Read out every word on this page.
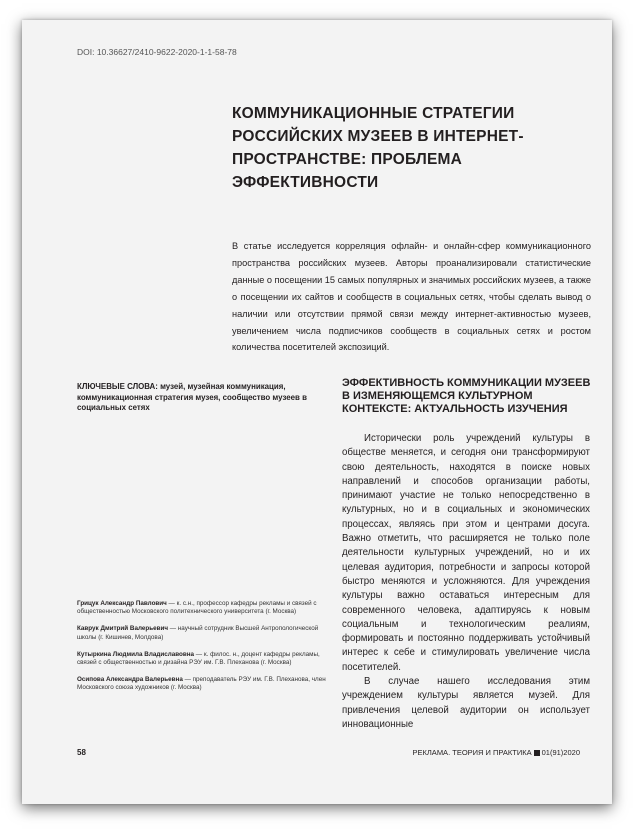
DOI: 10.36627/2410-9622-2020-1-1-58-78
КОММУНИКАЦИОННЫЕ СТРАТЕГИИ РОССИЙСКИХ МУЗЕЕВ В ИНТЕРНЕТ-ПРОСТРАНСТВЕ: ПРОБЛЕМА ЭФФЕКТИВНОСТИ

В статье исследуется корреляция офлайн- и онлайн-сфер коммуникационного пространства российских музеев. Авторы проанализировали статистические данные о посещении 15 самых популярных и значимых российских музеев, а также о посещении их сайтов и сообществ в социальных сетях, чтобы сделать вывод о наличии или отсутствии прямой связи между интернет-активностью музеев, увеличением числа подписчиков сообществ в социальных сетях и ростом количества посетителей экспозиций.

КЛЮЧЕВЫЕ СЛОВА: музей, музейная коммуникация, коммуникационная стратегия музея, сообщество музеев в социальных сетях

Грицук Александр Павлович — к. с.н., профессор кафедры рекламы и связей с общественностью Московского политехнического университета (г. Москва)

Каврук Дмитрий Валерьевич — научный сотрудник Высшей Антропологической школы (г. Кишинев, Молдова)

Кутыркина Людмила Владиславовна — к. филос. н., доцент кафедры рекламы, связей с общественностью и дизайна РЭУ им. Г.В. Плеханова (г. Москва)

Осипова Александра Валерьевна — преподаватель РЭУ им. Г.В. Плеханова, член Московского союза художников (г. Москва)

ЭФФЕКТИВНОСТЬ КОММУНИКАЦИИ МУЗЕЕВ В ИЗМЕНЯЮЩЕМСЯ КУЛЬТУРНОМ КОНТЕКСТЕ: АКТУАЛЬНОСТЬ ИЗУЧЕНИЯ

Исторически роль учреждений культуры в обществе меняется, и сегодня они трансформируют свою деятельность, находятся в поиске новых направлений и способов организации работы, принимают участие не только непосредственно в культурных, но и в социальных и экономических процессах, являясь при этом и центрами досуга. Важно отметить, что расширяется не только поле деятельности культурных учреждений, но и их целевая аудитория, потребности и запросы которой быстро меняются и усложняются. Для учреждения культуры важно оставаться интересным для современного человека, адаптируясь к новым социальным и технологическим реалиям, формировать и постоянно поддерживать устойчивый интерес к себе и стимулировать увеличение числа посетителей.

В случае нашего исследования этим учреждением культуры является музей. Для привлечения целевой аудитории он использует инновационные

58	РЕКЛАМА. ТЕОРИЯ И ПРАКТИКА 01(91)2020
